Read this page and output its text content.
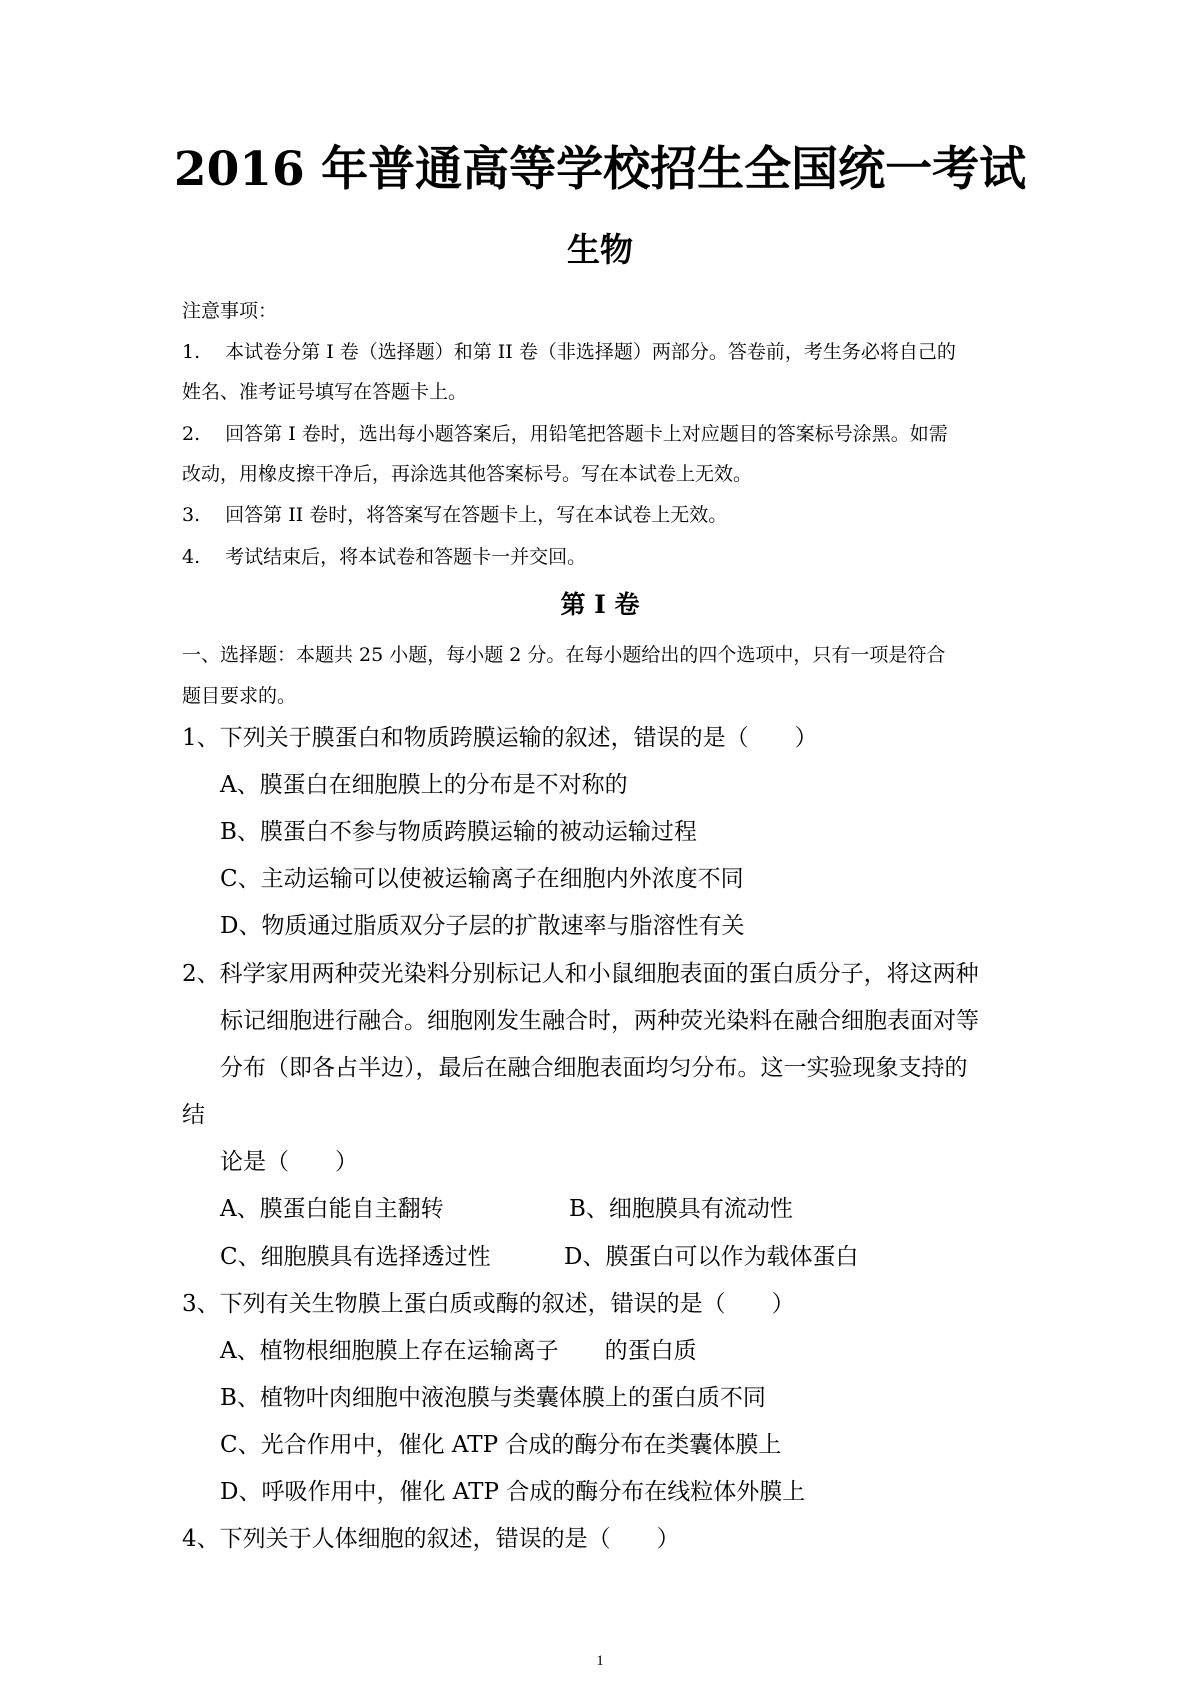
2016 年普通高等学校招生全国统一考试
生物
注意事项：
1.　 本试卷分第 I 卷（选择题）和第 II 卷（非选择题）两部分。答卷前，考生务必将自己的
姓名、准考证号填写在答题卡上。
2.　 回答第 I 卷时，选出每小题答案后，用铅笔把答题卡上对应题目的答案标号涂黑。如需
改动，用橡皮擦干净后，再涂选其他答案标号。写在本试卷上无效。
3.　 回答第 II 卷时，将答案写在答题卡上，写在本试卷上无效。
4.　 考试结束后，将本试卷和答题卡一并交回。
第 I 卷
一、选择题：本题共 25 小题，每小题 2 分。在每小题给出的四个选项中，只有一项是符合
题目要求的。
1、下列关于膜蛋白和物质跨膜运输的叙述，错误的是（　　）
A、膜蛋白在细胞膜上的分布是不对称的
B、膜蛋白不参与物质跨膜运输的被动运输过程
C、主动运输可以使被运输离子在细胞内外浓度不同
D、物质通过脂质双分子层的扩散速率与脂溶性有关
2、科学家用两种荧光染料分别标记人和小鼠细胞表面的蛋白质分子，将这两种
标记细胞进行融合。细胞刚发生融合时，两种荧光染料在融合细胞表面对等
分布（即各占半边），最后在融合细胞表面均匀分布。这一实验现象支持的
结
论是（　　）
A、膜蛋白能自主翻转	B、细胞膜具有流动性
C、细胞膜具有选择透过性	D、膜蛋白可以作为载体蛋白
3、下列有关生物膜上蛋白质或酶的叙述，错误的是（　　）
A、植物根细胞膜上存在运输离子　　的蛋白质
B、植物叶肉细胞中液泡膜与类囊体膜上的蛋白质不同
C、光合作用中，催化 ATP 合成的酶分布在类囊体膜上
D、呼吸作用中，催化 ATP 合成的酶分布在线粒体外膜上
4、下列关于人体细胞的叙述，错误的是（　　）
1
